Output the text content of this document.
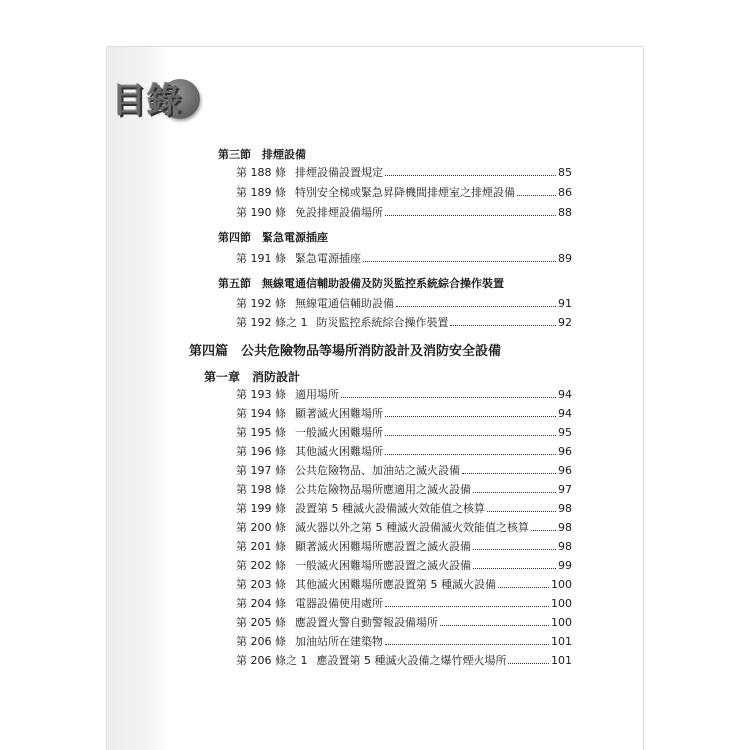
目錄
第三節　排煙設備
第 188 條 排煙設備設置規定	85
第 189 條 特別安全梯或緊急昇降機間排煙室之排煙設備	86
第 190 條 免設排煙設備場所	88
第四節　緊急電源插座
第 191 條 緊急電源插座	89
第五節　無線電通信輔助設備及防災監控系統綜合操作裝置
第 192 條 無線電通信輔助設備	91
第 192 條之 1 防災監控系統綜合操作裝置	92
第四篇　公共危險物品等場所消防設計及消防安全設備
第一章　消防設計
第 193 條 適用場所	94
第 194 條 顯著滅火困難場所	94
第 195 條 一般滅火困難場所	95
第 196 條 其他滅火困難場所	96
第 197 條 公共危險物品、加油站之滅火設備	96
第 198 條 公共危險物品場所應適用之滅火設備	97
第 199 條 設置第 5 種滅火設備滅火效能值之核算	98
第 200 條 滅火器以外之第 5 種滅火設備滅火效能值之核算	98
第 201 條 顯著滅火困難場所應設置之滅火設備	98
第 202 條 一般滅火困難場所應設置之滅火設備	99
第 203 條 其他滅火困難場所應設置第 5 種滅火設備	100
第 204 條 電器設備使用處所	100
第 205 條 應設置火警自動警報設備場所	100
第 206 條 加油站所在建築物	101
第 206 條之 1 應設置第 5 種滅火設備之爆竹煙火場所	101
